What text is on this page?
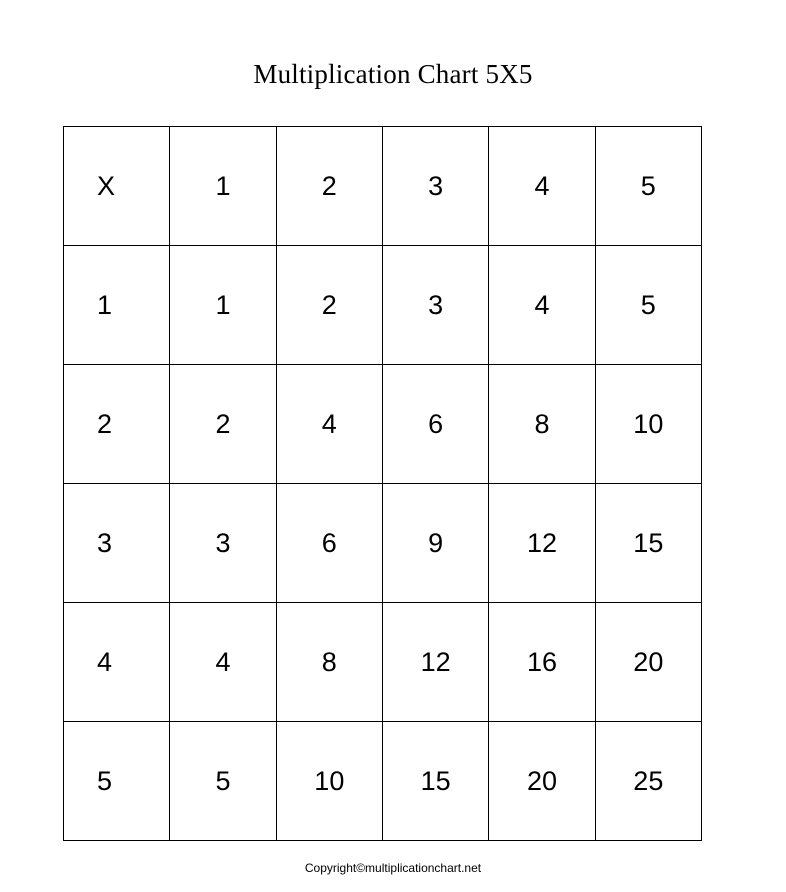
Multiplication Chart 5X5
X	1	2	3	4	5
1	1	2	3	4	5
2	2	4	6	8	10
3	3	6	9	12	15
4	4	8	12	16	20
5	5	10	15	20	25
Copyright©multiplicationchart.net
